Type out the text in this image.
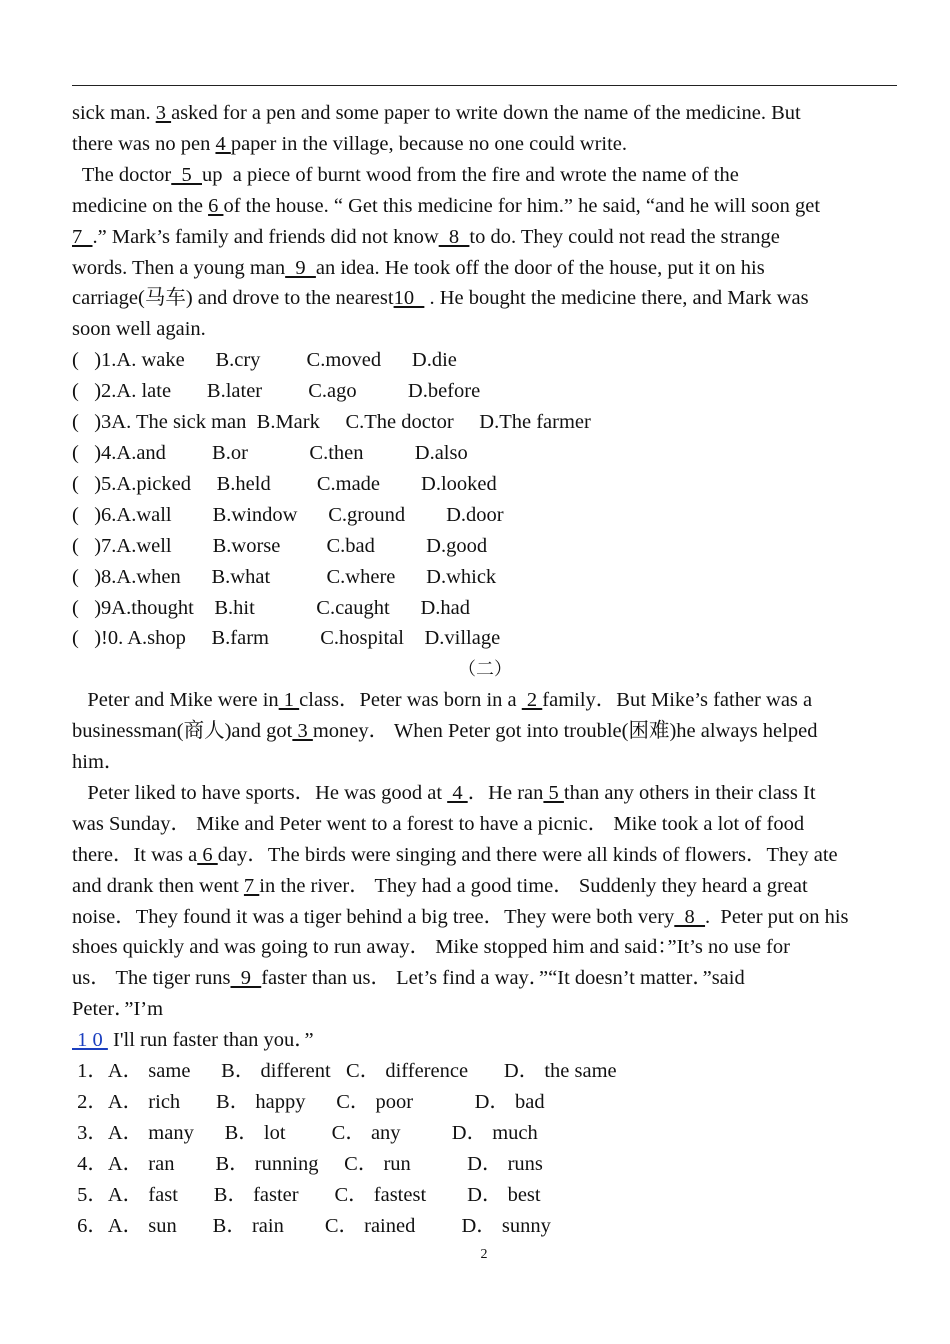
sick man. 3 asked for a pen and some paper to write down the name of the medicine. But

there was no pen 4 paper in the village, because no one could write.

The doctor  5  up  a piece of burnt wood from the fire and wrote the name of the

medicine on the 6 of the house. “ Get this medicine for him.” he said, “and he will soon get

7  .” Mark’s family and friends did not know  8  to do. They could not read the strange

words. Then a young man  9  an idea. He took off the door of the house, put it on his

carriage(马车) and drove to the nearest10   . He bought the medicine there, and Mark was

soon well again.

(   )1.A. wake      B.cry         C.moved      D.die

(   )2.A. late       B.later         C.ago          D.before

(   )3A. The sick man  B.Mark     C.The doctor     D.The farmer

(   )4.A.and         B.or            C.then          D.also

(   )5.A.picked     B.held         C.made        D.looked

(   )6.A.wall        B.window      C.ground        D.door

(   )7.A.well        B.worse         C.bad          D.good

(   )8.A.when      B.what           C.where      D.whick

(   )9A.thought    B.hit            C.caught      D.had

(   )!0. A.shop     B.farm          C.hospital    D.village

（二）

Peter and Mike were in 1 class．Peter was born in a  2 family．But Mike’s father was a

businessman(商人)and got 3 money． When Peter got into trouble(困难)he always helped

him．

Peter liked to have sports．He was good at  4 ．He ran 5 than any others in their class It

was Sunday． Mike and Peter went to a forest to have a picnic． Mike took a lot of food

there．It was a 6 day．The birds were singing and there were all kinds of flowers．They ate

and drank then went 7 in the river． They had a good time． Suddenly they heard a great

noise．They found it was a tiger behind a big tree．They were both very  8  .  Peter put on his

shoes quickly and was going to run away． Mike stopped him and said：”It’s no use for

us． The tiger runs  9  faster than us． Let’s find a way．”“It doesn’t matter．”said

Peter．”I’m

1 0  I'll run faster than you．”

1．A． same      B． different   C． difference       D． the same

2．A． rich       B． happy      C． poor            D． bad

3．A． many      B． lot         C． any          D． much

4．A． ran        B． running     C． run           D． runs

5．A． fast       B． faster       C． fastest        D． best

6．A． sun       B． rain        C． rained         D． sunny

2
